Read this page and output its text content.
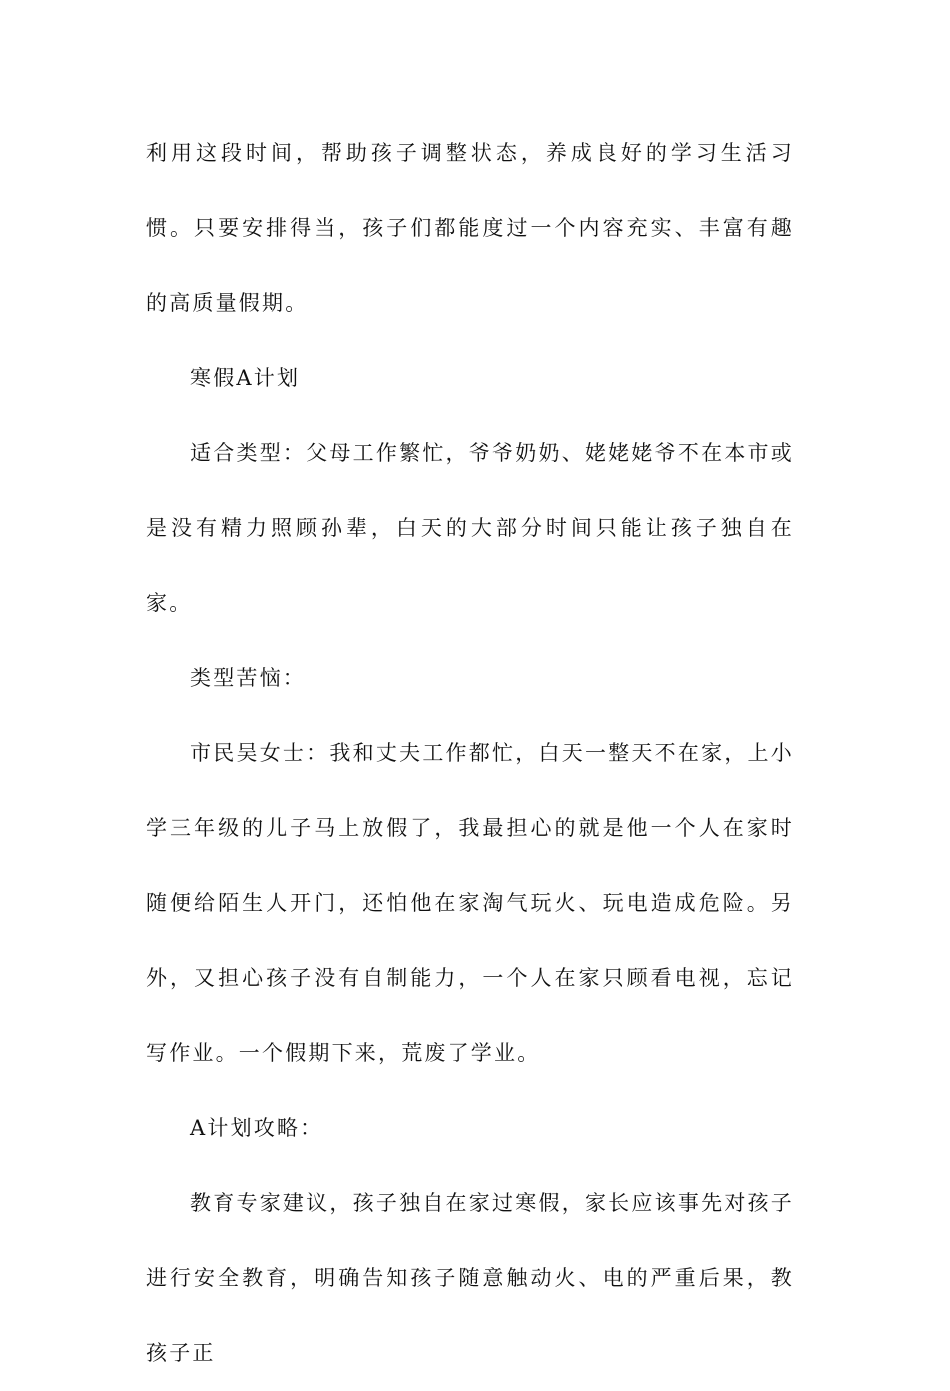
利用这段时间，帮助孩子调整状态，养成良好的学习生活习惯。只要安排得当，孩子们都能度过一个内容充实、丰富有趣的高质量假期。

寒假A计划

适合类型：父母工作繁忙，爷爷奶奶、姥姥姥爷不在本市或是没有精力照顾孙辈，白天的大部分时间只能让孩子独自在家。

类型苦恼：

市民吴女士：我和丈夫工作都忙，白天一整天不在家，上小学三年级的儿子马上放假了，我最担心的就是他一个人在家时随便给陌生人开门，还怕他在家淘气玩火、玩电造成危险。另外，又担心孩子没有自制能力，一个人在家只顾看电视，忘记写作业。一个假期下来，荒废了学业。

A计划攻略：

教育专家建议，孩子独自在家过寒假，家长应该事先对孩子进行安全教育，明确告知孩子随意触动火、电的严重后果，教孩子正
